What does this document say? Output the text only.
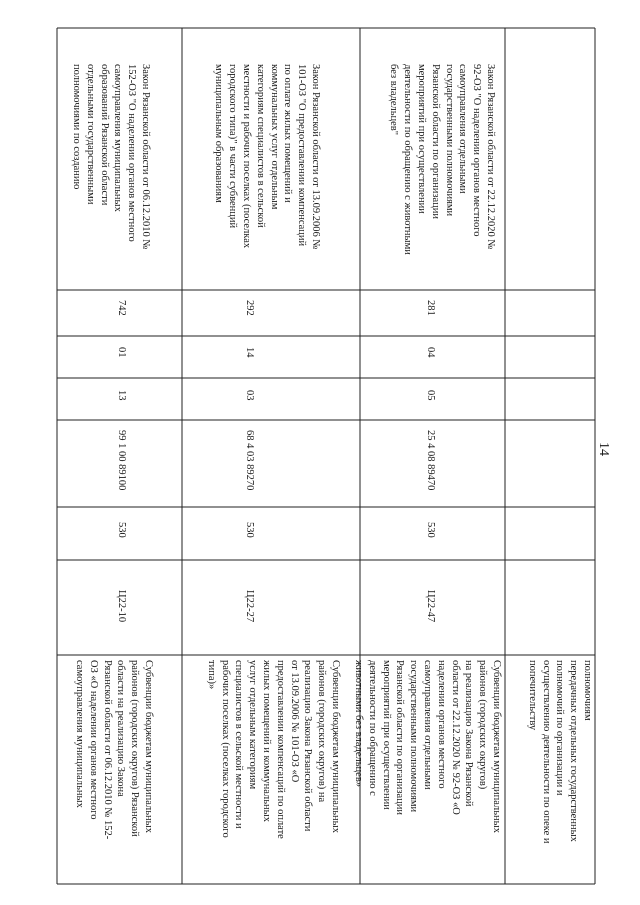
14
полномочиям
передачных отдельных государственных
полномочий по организации и
осуществлению деятельности по опеке и
попечительству
Закон Рязанской области от 22.12.2020 №
92-ОЗ "О наделении органов местного
самоуправления отдельными
государственными полномочиями
Рязанской области по организации
мероприятий при осуществлении
деятельности по обращению с животными
без владельцев"
281
04
05
25 4 08 89470
530
Ц22-47
Субвенции бюджетам муниципальных
районов (городских округов)
на реализацию Закона Рязанской
области от 22.12.2020 № 92-ОЗ «О
наделении органов местного
самоуправления отдельными
государственными полномочиями
Рязанской области по организации
мероприятий при осуществлении
деятельности по обращению с
животными без владельцев»
Закон Рязанской области от 13.09.2006 №
101-ОЗ "О предоставлении компенсаций
по оплате жилых помещений и
коммунальных услуг отдельным
категориям специалистов в сельской
местности и рабочих поселках (поселках
городского типа)" в части субвенций
муниципальным образованиям
292
14
03
68 4 03 89270
530
Ц22-27
Субвенции бюджетам муниципальных
районов (городских округов) на
реализацию Закона Рязанской области
от 13.09.2006 № 101-ОЗ «О
предоставлении компенсаций по оплате
жилых помещений и коммунальных
услуг отдельным категориям
специалистов в сельской местности и
рабочих поселках (поселках городского
типа)»
Закон Рязанской области от 06.12.2010 №
152-ОЗ "О наделении органов местного
самоуправления муниципальных
образований Рязанской области
отдельными государственными
полномочиями по созданию
742
01
13
99 1 00 89100
530
Ц22-10
Субвенции бюджетам муниципальных
районов (городских округов) Рязанской
области на реализацию Закона
Рязанской области от 06.12.2010 № 152-
ОЗ «О наделении органов местного
самоуправления муниципальных
